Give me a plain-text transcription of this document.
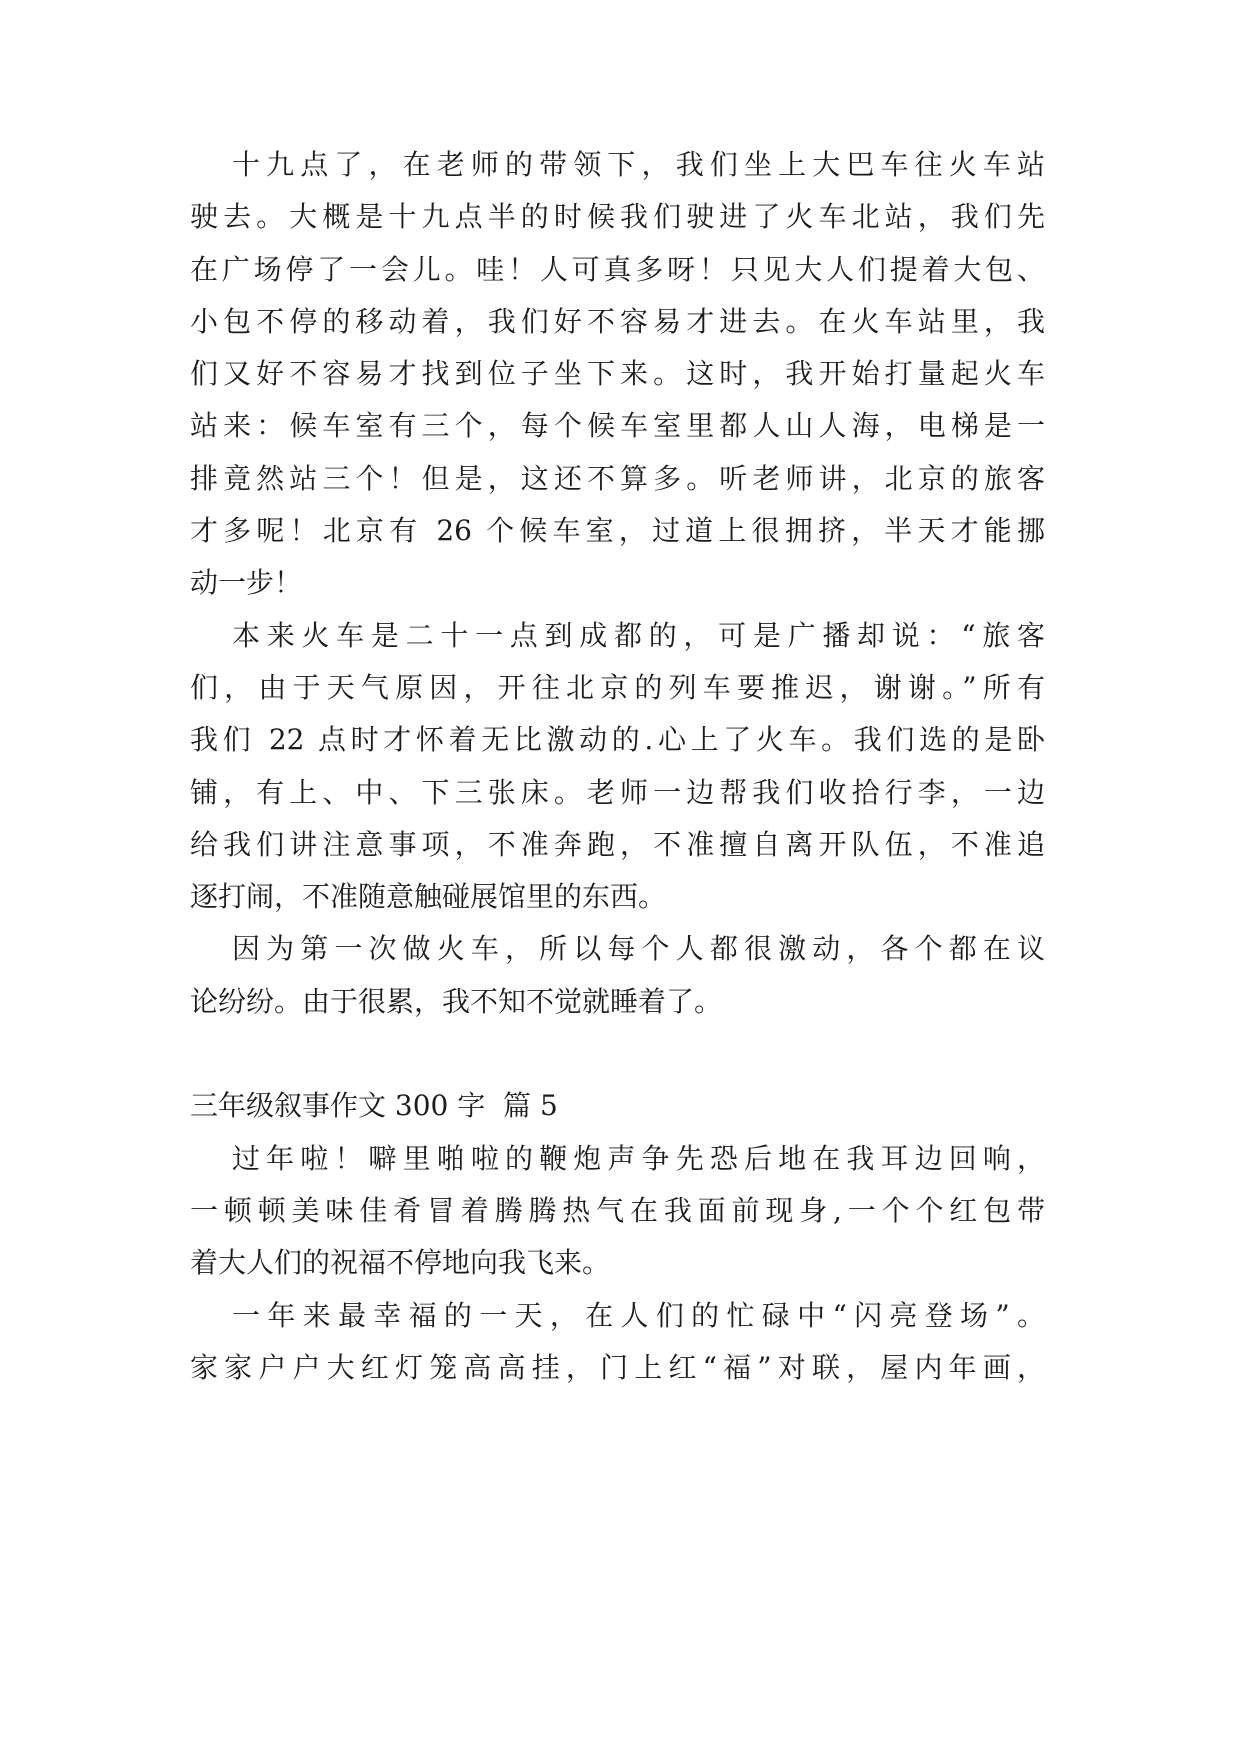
十九点了，在老师的带领下，我们坐上大巴车往火车站
驶去。大概是十九点半的时候我们驶进了火车北站，我们先
在广场停了一会儿。哇！人可真多呀！只见大人们提着大包、
小包不停的移动着，我们好不容易才进去。在火车站里，我
们又好不容易才找到位子坐下来。这时，我开始打量起火车
站来：候车室有三个，每个候车室里都人山人海，电梯是一
排竟然站三个！但是，这还不算多。听老师讲，北京的旅客
才多呢！北京有 26 个候车室，过道上很拥挤，半天才能挪
动一步！
本来火车是二十一点到成都的，可是广播却说：“旅客
们，由于天气原因，开往北京的列车要推迟，谢谢。”所有
我们 22 点时才怀着无比激动的.心上了火车。我们选的是卧
铺，有上、中、下三张床。老师一边帮我们收拾行李，一边
给我们讲注意事项，不准奔跑，不准擅自离开队伍，不准追
逐打闹，不准随意触碰展馆里的东西。
因为第一次做火车，所以每个人都很激动，各个都在议
论纷纷。由于很累，我不知不觉就睡着了。
三年级叙事作文 300 字  篇 5
过年啦！噼里啪啦的鞭炮声争先恐后地在我耳边回响，
一顿顿美味佳肴冒着腾腾热气在我面前现身,一个个红包带
着大人们的祝福不停地向我飞来。
一年来最幸福的一天，在人们的忙碌中“闪亮登场”。
家家户户大红灯笼高高挂，门上红“福”对联，屋内年画，
